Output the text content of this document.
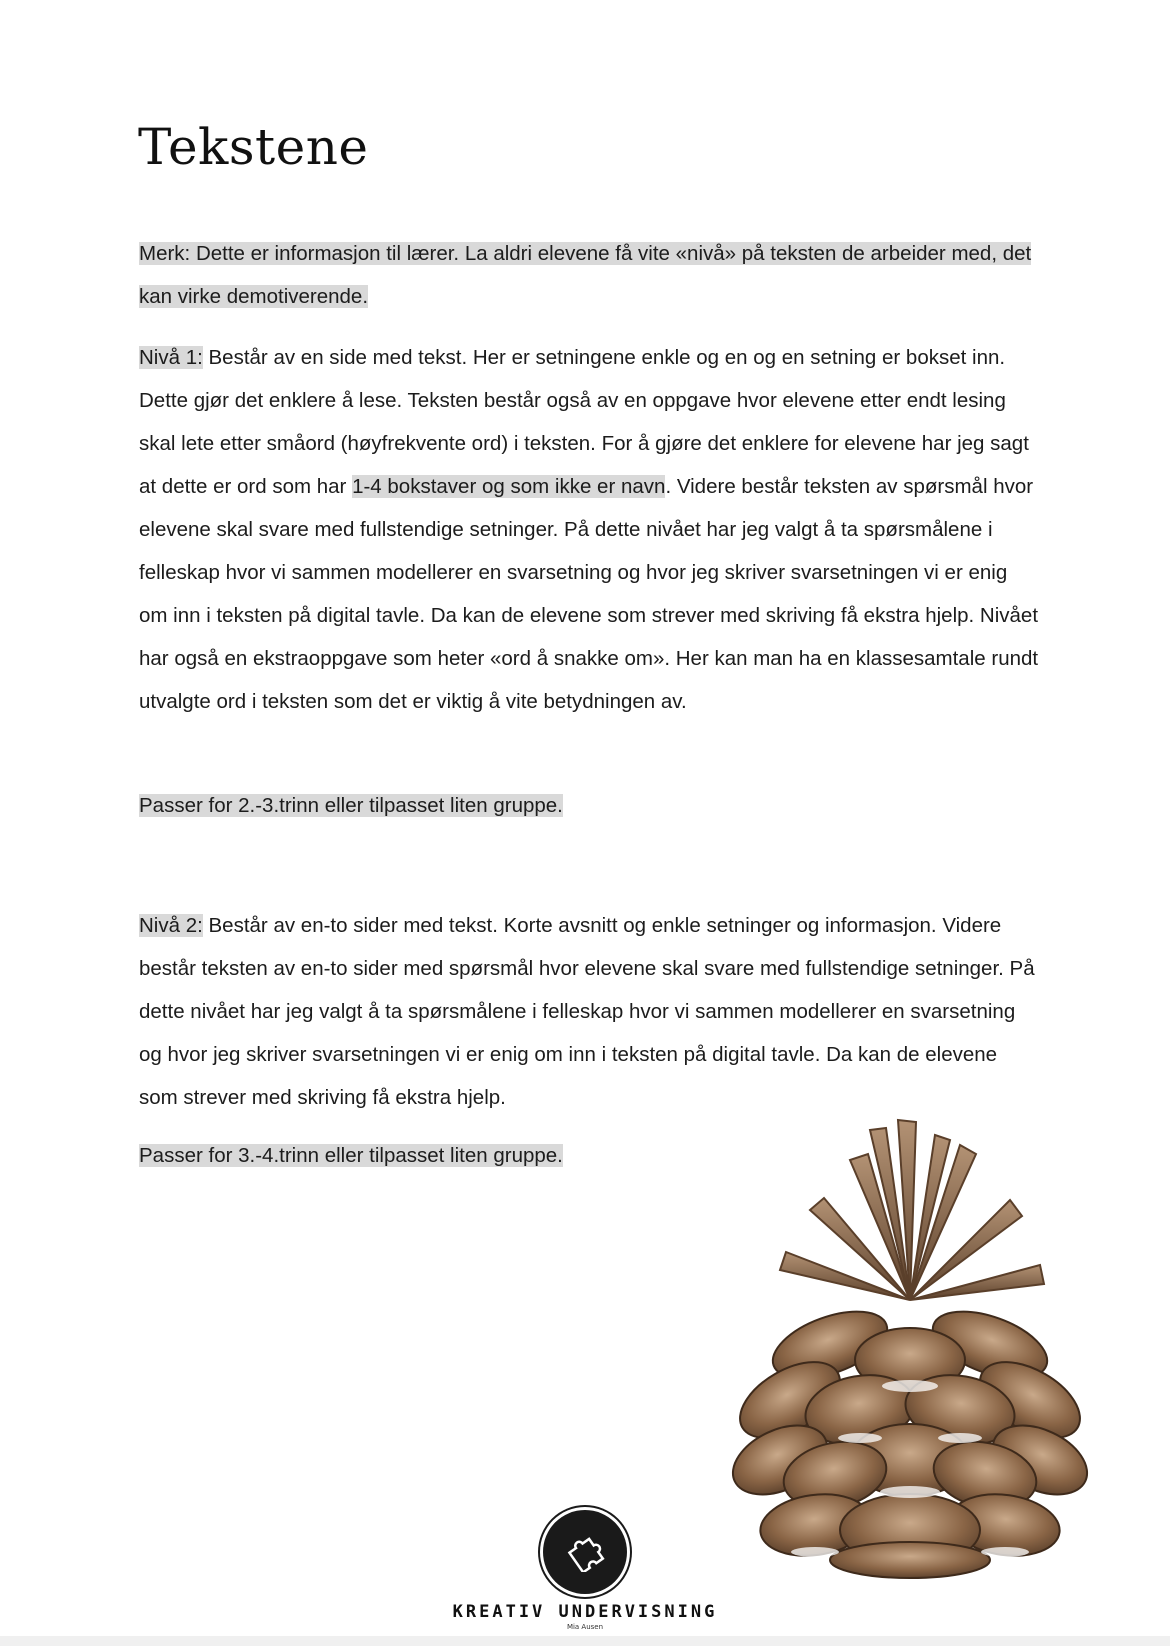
Tekstene

Merk: Dette er informasjon til lærer. La aldri elevene få vite «nivå» på teksten de arbeider med, det kan virke demotiverende.

Nivå 1: Består av en side med tekst. Her er setningene enkle og en og en setning er bokset inn. Dette gjør det enklere å lese. Teksten består også av en oppgave hvor elevene etter endt lesing skal lete etter småord (høyfrekvente ord) i teksten. For å gjøre det enklere for elevene har jeg sagt at dette er ord som har 1-4 bokstaver og som ikke er navn. Videre består teksten av spørsmål hvor elevene skal svare med fullstendige setninger. På dette nivået har jeg valgt å ta spørsmålene i felleskap hvor vi sammen modellerer en svarsetning og hvor jeg skriver svarsetningen vi er enig om inn i teksten på digital tavle. Da kan de elevene som strever med skriving få ekstra hjelp. Nivået har også en ekstraoppgave som heter «ord å snakke om». Her kan man ha en klassesamtale rundt utvalgte ord i teksten som det er viktig å vite betydningen av.

Passer for 2.-3.trinn eller tilpasset liten gruppe.

Nivå 2: Består av en-to sider med tekst. Korte avsnitt og enkle setninger og informasjon. Videre består teksten av en-to sider med spørsmål hvor elevene skal svare med fullstendige setninger. På dette nivået har jeg valgt å ta spørsmålene i felleskap hvor vi sammen modellerer en svarsetning og hvor jeg skriver svarsetningen vi er enig om inn i teksten på digital tavle. Da kan de elevene som strever med skriving få ekstra hjelp.

Passer for 3.-4.trinn eller tilpasset liten gruppe.

KREATIV UNDERVISNING
Mia Ausen
